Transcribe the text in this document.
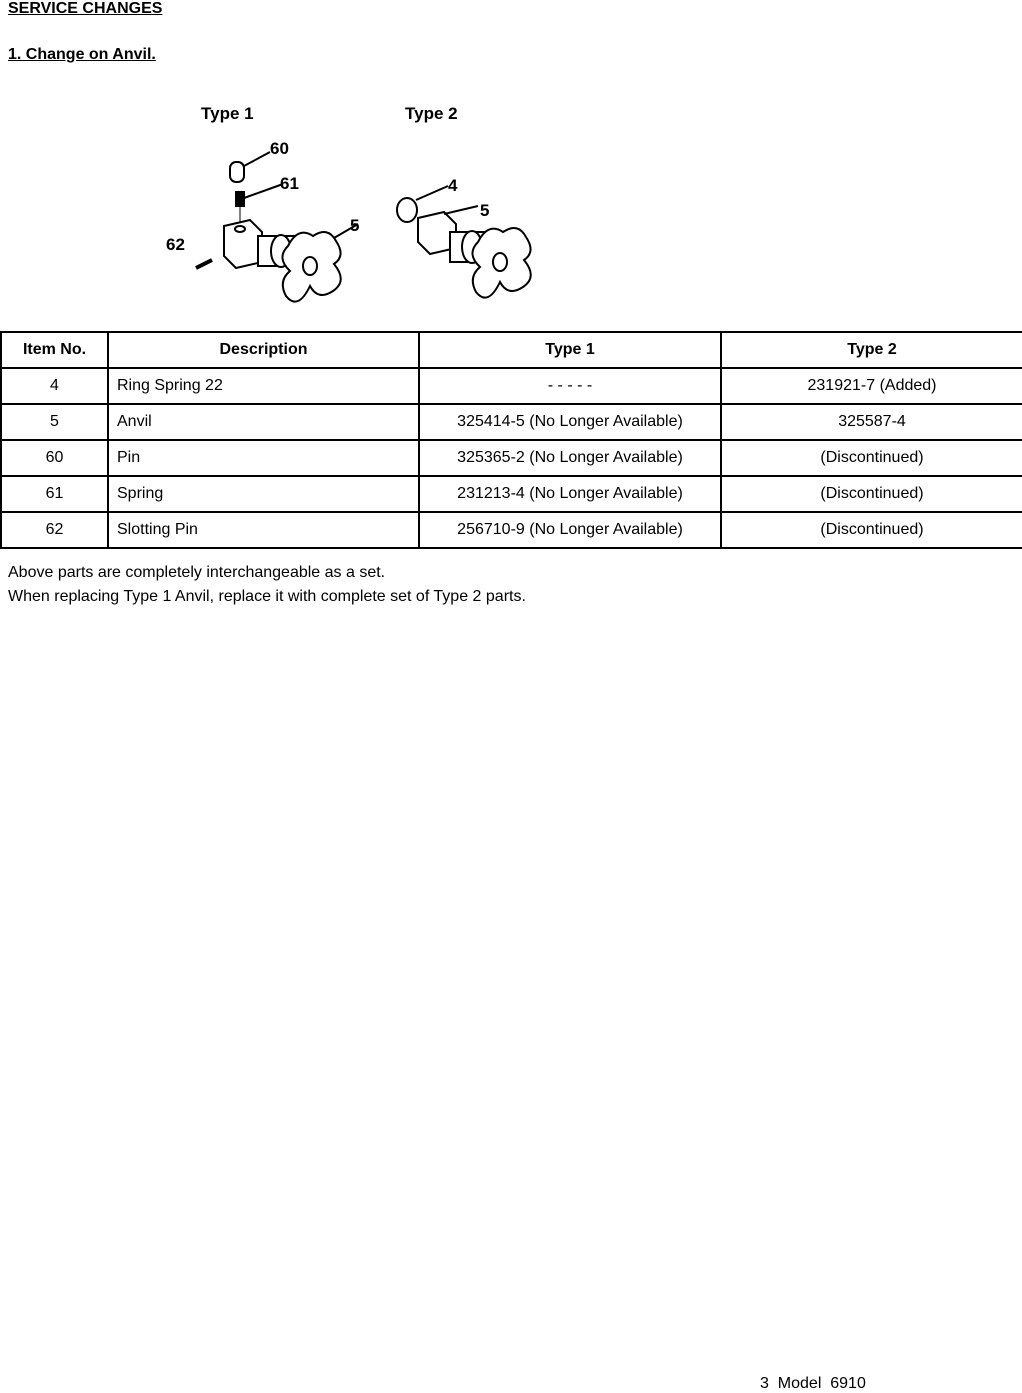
SERVICE CHANGES
1. Change on Anvil.
Type 1	Type 2
60
61
5
62
4
5
Item No.	Description	Type 1	Type 2
4	Ring Spring 22	- - - - -	231921-7 (Added)
5	Anvil	325414-5 (No Longer Available)	325587-4
60	Pin	325365-2 (No Longer Available)	(Discontinued)
61	Spring	231213-4 (No Longer Available)	(Discontinued)
62	Slotting Pin	256710-9 (No Longer Available)	(Discontinued)
Above parts are completely interchangeable as a set.
When replacing Type 1 Anvil, replace it with complete set of Type 2 parts.
3  Model  6910
